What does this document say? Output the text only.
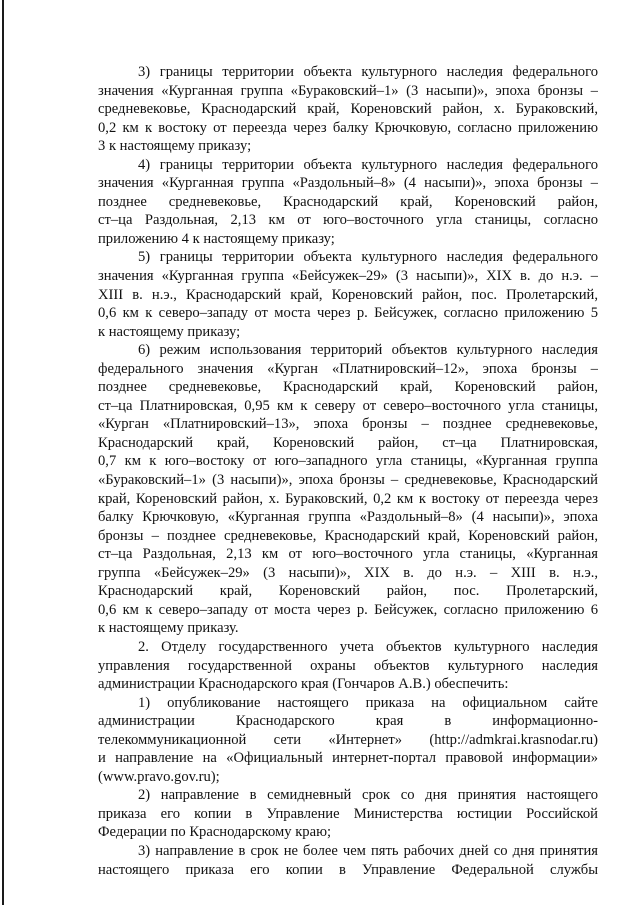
3) границы территории объекта культурного наследия федерального
значения «Курганная группа «Бураковский–1» (3 насыпи)», эпоха бронзы –
средневековье, Краснодарский край, Кореновский район, х. Бураковский,
0,2 км к востоку от переезда через балку Крючковую, согласно приложению
3 к настоящему приказу;
4) границы территории объекта культурного наследия федерального
значения «Курганная группа «Раздольный–8» (4 насыпи)», эпоха бронзы –
позднее средневековье, Краснодарский край, Кореновский район,
ст–ца Раздольная, 2,13 км от юго–восточного угла станицы, согласно
приложению 4 к настоящему приказу;
5) границы территории объекта культурного наследия федерального
значения «Курганная группа «Бейсужек–29» (3 насыпи)», XIX в. до н.э. –
XIII в. н.э., Краснодарский край, Кореновский район, пос. Пролетарский,
0,6 км к северо–западу от моста через р. Бейсужек, согласно приложению 5
к настоящему приказу;
6) режим использования территорий объектов культурного наследия
федерального значения «Курган «Платнировский–12», эпоха бронзы –
позднее средневековье, Краснодарский край, Кореновский район,
ст–ца Платнировская, 0,95 км к северу от северо–восточного угла станицы,
«Курган «Платнировский–13», эпоха бронзы – позднее средневековье,
Краснодарский край, Кореновский район, ст–ца Платнировская,
0,7 км к юго–востоку от юго–западного угла станицы, «Курганная группа
«Бураковский–1» (3 насыпи)», эпоха бронзы – средневековье, Краснодарский
край, Кореновский район, х. Бураковский, 0,2 км к востоку от переезда через
балку Крючковую, «Курганная группа «Раздольный–8» (4 насыпи)», эпоха
бронзы – позднее средневековье, Краснодарский край, Кореновский район,
ст–ца Раздольная, 2,13 км от юго–восточного угла станицы, «Курганная
группа «Бейсужек–29» (3 насыпи)», XIX в. до н.э. – XIII в. н.э.,
Краснодарский край, Кореновский район, пос. Пролетарский,
0,6 км к северо–западу от моста через р. Бейсужек, согласно приложению 6
к настоящему приказу.
2. Отделу государственного учета объектов культурного наследия
управления государственной охраны объектов культурного наследия
администрации Краснодарского края (Гончаров А.В.) обеспечить:
1) опубликование настоящего приказа на официальном сайте
администрации Краснодарского края в информационно-
телекоммуникационной сети «Интернет» (http://admkrai.krasnodar.ru)
и направление на «Официальный интернет-портал правовой информации»
(www.pravo.gov.ru);
2) направление в семидневный срок со дня принятия настоящего
приказа его копии в Управление Министерства юстиции Российской
Федерации по Краснодарскому краю;
3) направление в срок не более чем пять рабочих дней со дня принятия
настоящего приказа его копии в Управление Федеральной службы
